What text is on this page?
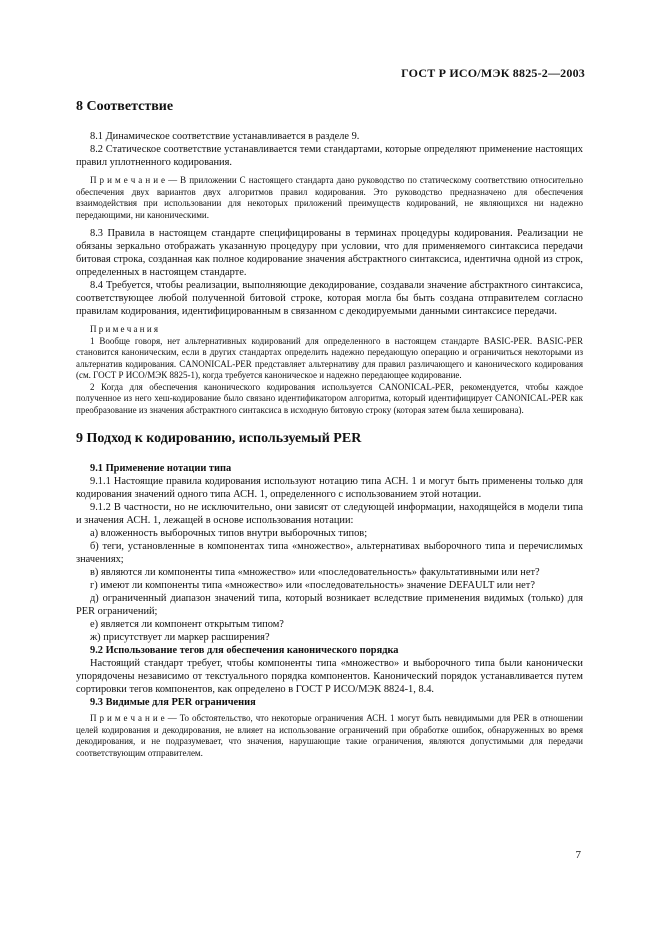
ГОСТ Р ИСО/МЭК 8825-2—2003
8 Соответствие

8.1 Динамическое соответствие устанавливается в разделе 9.

8.2 Статическое соответствие устанавливается теми стандартами, которые определяют применение настоящих правил уплотненного кодирования.

П р и м е ч а н и е — В приложении С настоящего стандарта дано руководство по статическому соответствию относительно обеспечения двух вариантов двух алгоритмов правил кодирования. Это руководство предназначено для обеспечения взаимодействия при использовании для некоторых приложений преимуществ кодирований, не являющихся ни надежно передающими, ни каноническими.

8.3 Правила в настоящем стандарте специфицированы в терминах процедуры кодирования. Реализации не обязаны зеркально отображать указанную процедуру при условии, что для применяемого синтаксиса передачи битовая строка, созданная как полное кодирование значения абстрактного синтаксиса, идентична одной из строк, определенных в настоящем стандарте.

8.4 Требуется, чтобы реализации, выполняющие декодирование, создавали значение абстрактного синтаксиса, соответствующее любой полученной битовой строке, которая могла бы быть создана отправителем согласно правилам кодирования, идентифицированным в связанном с декодируемыми данными синтаксисе передачи.

П р и м е ч а н и я

1 Вообще говоря, нет альтернативных кодирований для определенного в настоящем стандарте BASIC-PER. BASIC-PER становится каноническим, если в других стандартах определить надежно передающую операцию и ограничиться некоторыми из альтернатив кодирования. CANONICAL-PER представляет альтернативу для правил различающего и канонического кодирования (см. ГОСТ Р ИСО/МЭК 8825-1), когда требуется каноническое и надежно передающее кодирование.

2 Когда для обеспечения канонического кодирования используется CANONICAL-PER, рекомендуется, чтобы каждое полученное из него хеш-кодирование было связано идентификатором алгоритма, который идентифицирует CANONICAL-PER как преобразование из значения абстрактного синтаксиса в исходную битовую строку (которая затем была хеширована).

9 Подход к кодированию, используемый PER
9.1 Применение нотации типа

9.1.1 Настоящие правила кодирования используют нотацию типа АСН. 1 и могут быть применены только для кодирования значений одного типа АСН. 1, определенного с использованием этой нотации.

9.1.2 В частности, но не исключительно, они зависят от следующей информации, находящейся в модели типа и значения АСН. 1, лежащей в основе использования нотации:

а) вложенность выборочных типов внутри выборочных типов;

б) теги, установленные в компонентах типа «множество», альтернативах выборочного типа и перечислимых значениях;

в) являются ли компоненты типа «множество» или «последовательность» факультативными или нет?

г) имеют ли компоненты типа «множество» или «последовательность» значение DEFAULT или нет?

д) ограниченный диапазон значений типа, который возникает вследствие применения видимых (только) для PER ограничений;

е) является ли компонент открытым типом?

ж) присутствует ли маркер расширения?

9.2 Использование тегов для обеспечения канонического порядка

Настоящий стандарт требует, чтобы компоненты типа «множество» и выборочного типа были канонически упорядочены независимо от текстуального порядка компонентов. Канонический порядок устанавливается путем сортировки тегов компонентов, как определено в ГОСТ Р ИСО/МЭК 8824-1, 8.4.

9.3 Видимые для PER ограничения

П р и м е ч а н и е — То обстоятельство, что некоторые ограничения АСН. 1 могут быть невидимыми для PER в отношении целей кодирования и декодирования, не влияет на использование ограничений при обработке ошибок, обнаруженных во время декодирования, и не подразумевает, что значения, нарушающие такие ограничения, являются допустимыми для передачи соответствующим отправителем.

7
